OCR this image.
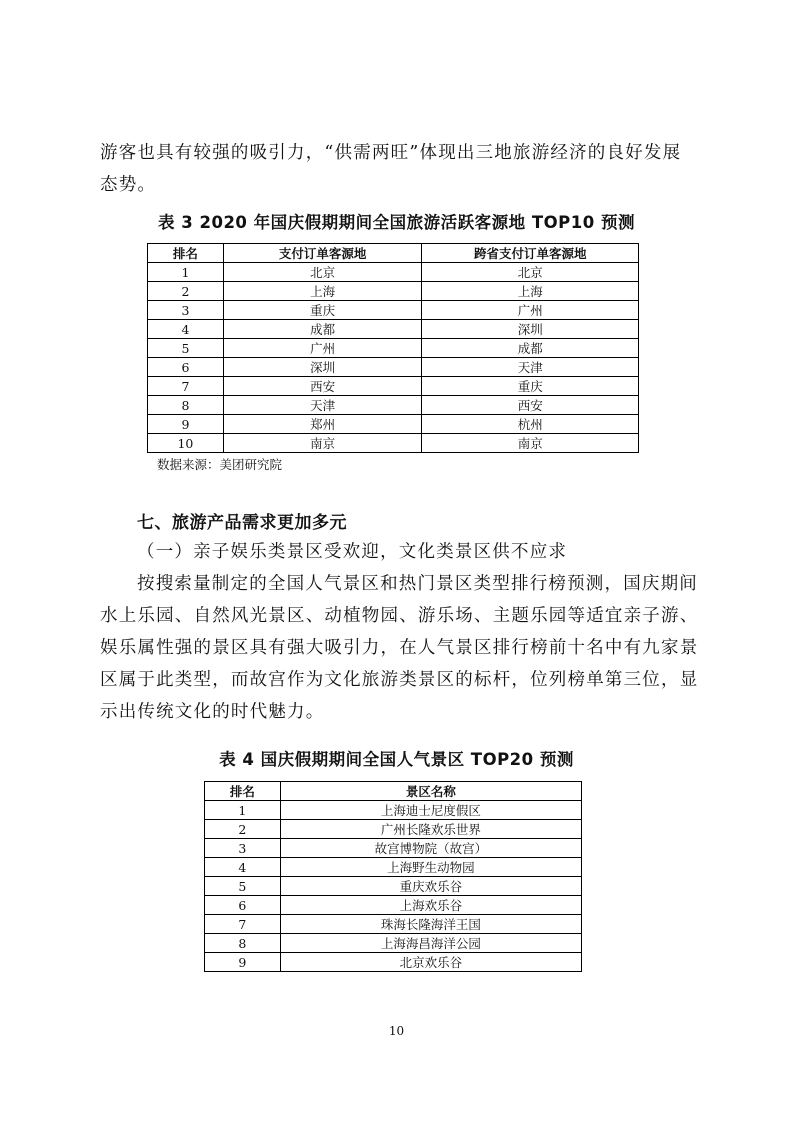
游客也具有较强的吸引力，“供需两旺”体现出三地旅游经济的良好发展
态势。
表 3 2020 年国庆假期期间全国旅游活跃客源地 TOP10 预测
排名	支付订单客源地	跨省支付订单客源地
1	北京	北京
2	上海	上海
3	重庆	广州
4	成都	深圳
5	广州	成都
6	深圳	天津
7	西安	重庆
8	天津	西安
9	郑州	杭州
10	南京	南京
数据来源：美团研究院
七、旅游产品需求更加多元
（一）亲子娱乐类景区受欢迎，文化类景区供不应求
按搜索量制定的全国人气景区和热门景区类型排行榜预测，国庆期间
水上乐园、自然风光景区、动植物园、游乐场、主题乐园等适宜亲子游、
娱乐属性强的景区具有强大吸引力，在人气景区排行榜前十名中有九家景
区属于此类型，而故宫作为文化旅游类景区的标杆，位列榜单第三位，显
示出传统文化的时代魅力。
表 4 国庆假期期间全国人气景区 TOP20 预测
排名	景区名称
1	上海迪士尼度假区
2	广州长隆欢乐世界
3	故宫博物院（故宫）
4	上海野生动物园
5	重庆欢乐谷
6	上海欢乐谷
7	珠海长隆海洋王国
8	上海海昌海洋公园
9	北京欢乐谷
10
